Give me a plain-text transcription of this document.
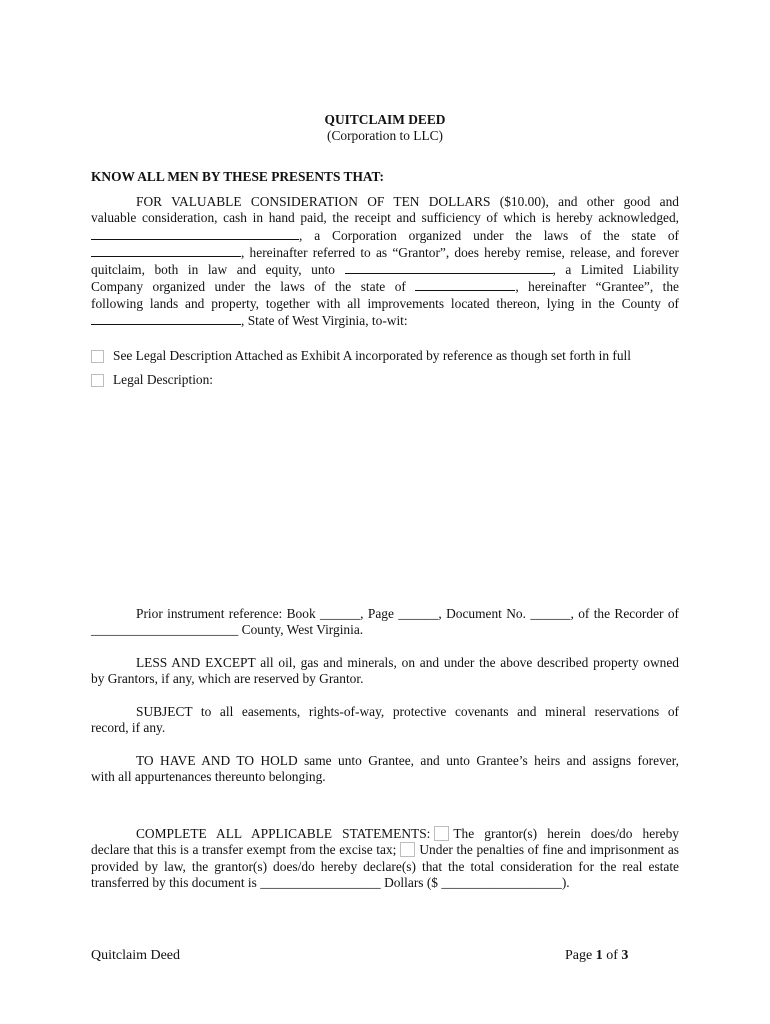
QUITCLAIM DEED
(Corporation to LLC)
KNOW ALL MEN BY THESE PRESENTS THAT:
FOR VALUABLE CONSIDERATION OF TEN DOLLARS ($10.00), and other good and
valuable consideration, cash in hand paid, the receipt and sufficiency of which is hereby acknowledged,
, a Corporation organized under the laws of the state of
, hereinafter referred to as “Grantor”, does hereby remise, release, and forever
quitclaim, both in law and equity, unto	, a Limited Liability
Company organized under the laws of the state of	, hereinafter “Grantee”, the
following lands and property, together with all improvements located thereon, lying in the County of
, State of West Virginia, to-wit:
See Legal Description Attached as Exhibit A incorporated by reference as though set forth in full
Legal Description:
Prior instrument reference: Book ______, Page ______, Document No. ______, of the Recorder of
______________________ County, West Virginia.
LESS AND EXCEPT all oil, gas and minerals, on and under the above described property owned
by Grantors, if any, which are reserved by Grantor.
SUBJECT to all easements, rights-of-way, protective covenants and mineral reservations of
record, if any.
TO HAVE AND TO HOLD same unto Grantee, and unto Grantee’s heirs and assigns forever,
with all appurtenances thereunto belonging.
COMPLETE ALL APPLICABLE STATEMENTS: The grantor(s) herein does/do hereby
declare that this is a transfer exempt from the excise tax; Under the penalties of fine and imprisonment as
provided by law, the grantor(s) does/do hereby declare(s) that the total consideration for the real estate
transferred by this document is __________________ Dollars ($ __________________).
Quitclaim Deed	Page 1 of 3
